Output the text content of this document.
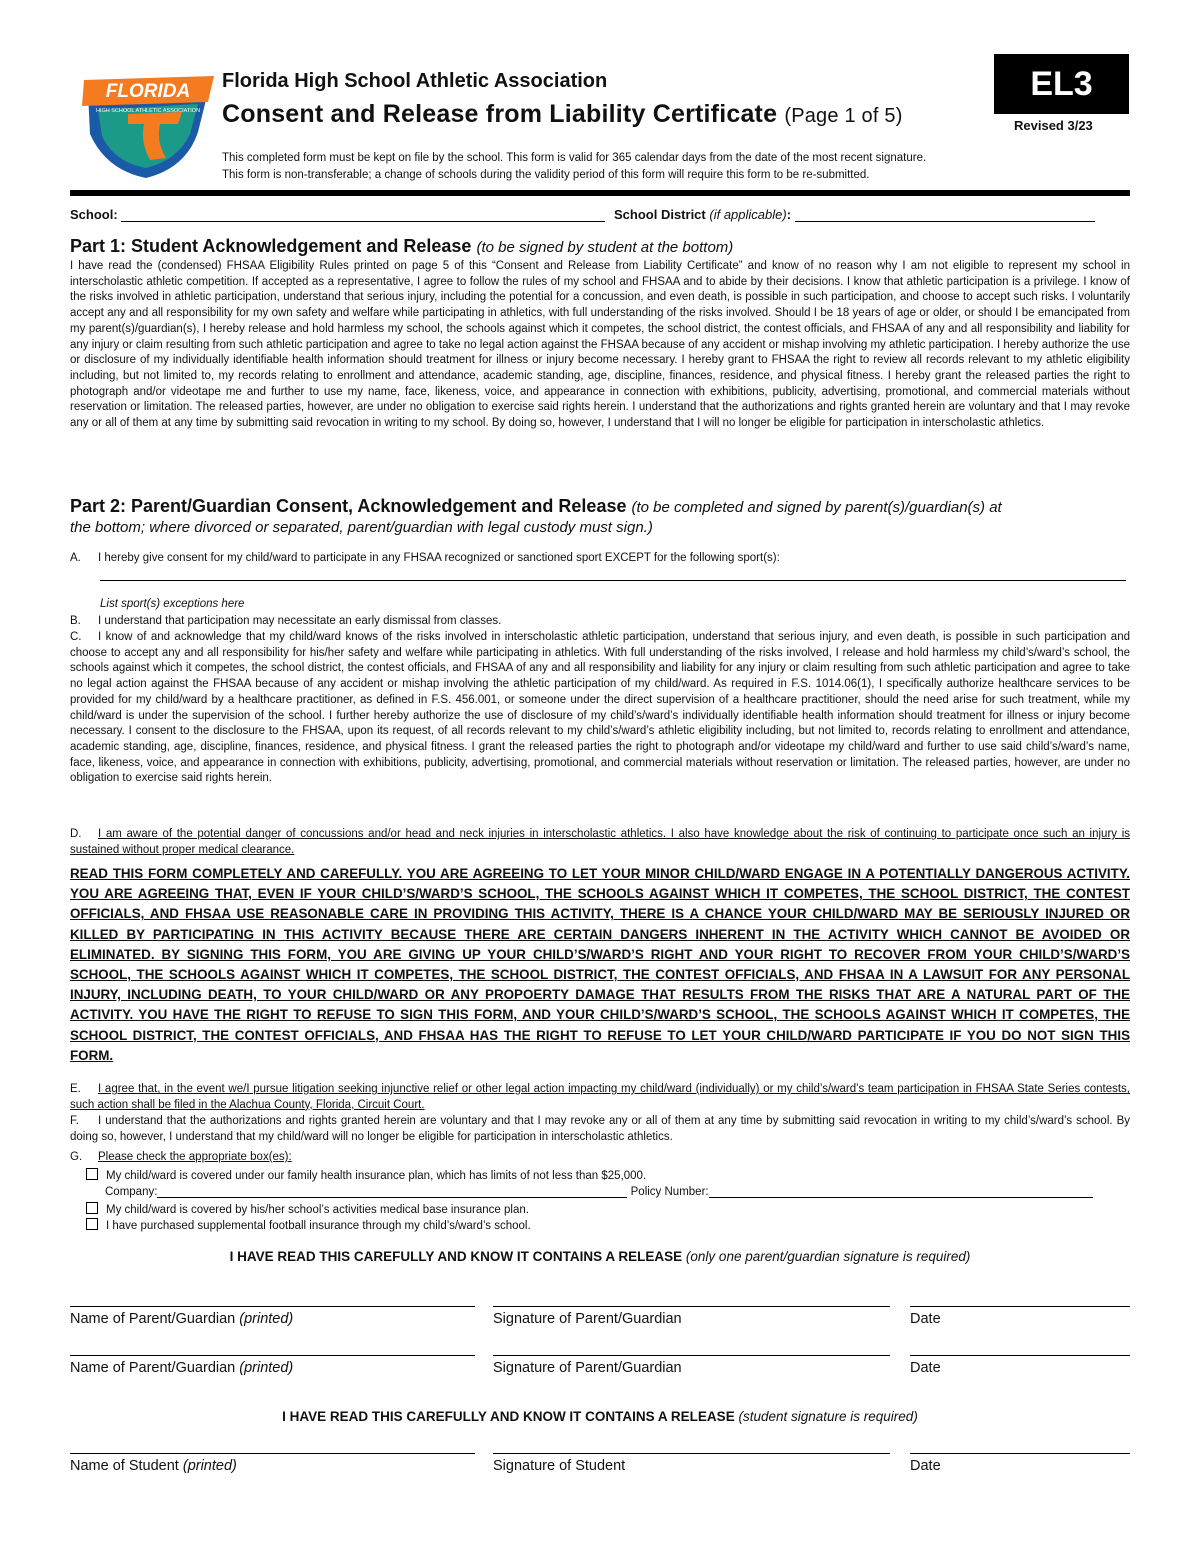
FLORIDA
HIGH SCHOOL ATHLETIC ASSOCIATION
Florida High School Athletic Association
Consent and Release from Liability Certificate (Page 1 of 5)
EL3
Revised 3/23
This completed form must be kept on file by the school. This form is valid for 365 calendar days from the date of the most recent signature.
This form is non-transferable; a change of schools during the validity period of this form will require this form to be re-submitted.
School:	School District (if applicable):
Part 1: Student Acknowledgement and Release (to be signed by student at the bottom)
I have read the (condensed) FHSAA Eligibility Rules printed on page 5 of this “Consent and Release from Liability Certificate” and know of no reason why I am not eligible to represent my school in interscholastic athletic competition. If accepted as a representative, I agree to follow the rules of my school and FHSAA and to abide by their decisions. I know that athletic participation is a privilege. I know of the risks involved in athletic participation, understand that serious injury, including the potential for a concussion, and even death, is possible in such participation, and choose to accept such risks. I voluntarily accept any and all responsibility for my own safety and welfare while participating in athletics, with full understanding of the risks involved. Should I be 18 years of age or older, or should I be emancipated from my parent(s)/guardian(s), I hereby release and hold harmless my school, the schools against which it competes, the school district, the contest officials, and FHSAA of any and all responsibility and liability for any injury or claim resulting from such athletic participation and agree to take no legal action against the FHSAA because of any accident or mishap involving my athletic participation. I hereby authorize the use or disclosure of my individually identifiable health information should treatment for illness or injury become necessary. I hereby grant to FHSAA the right to review all records relevant to my athletic eligibility including, but not limited to, my records relating to enrollment and attendance, academic standing, age, discipline, finances, residence, and physical fitness. I hereby grant the released parties the right to photograph and/or videotape me and further to use my name, face, likeness, voice, and appearance in connection with exhibitions, publicity, advertising, promotional, and commercial materials without reservation or limitation. The released parties, however, are under no obligation to exercise said rights herein. I understand that the authorizations and rights granted herein are voluntary and that I may revoke any or all of them at any time by submitting said revocation in writing to my school. By doing so, however, I understand that I will no longer be eligible for participation in interscholastic athletics.
Part 2: Parent/Guardian Consent, Acknowledgement and Release (to be completed and signed by parent(s)/guardian(s) at
the bottom; where divorced or separated, parent/guardian with legal custody must sign.)
A. I hereby give consent for my child/ward to participate in any FHSAA recognized or sanctioned sport EXCEPT for the following sport(s):
List sport(s) exceptions here
B. I understand that participation may necessitate an early dismissal from classes.
C. I know of and acknowledge that my child/ward knows of the risks involved in interscholastic athletic participation, understand that serious injury, and even death, is possible in such participation and choose to accept any and all responsibility for his/her safety and welfare while participating in athletics. With full understanding of the risks involved, I release and hold harmless my child’s/ward’s school, the schools against which it competes, the school district, the contest officials, and FHSAA of any and all responsibility and liability for any injury or claim resulting from such athletic participation and agree to take no legal action against the FHSAA because of any accident or mishap involving the athletic participation of my child/ward. As required in F.S. 1014.06(1), I specifically authorize healthcare services to be provided for my child/ward by a healthcare practitioner, as defined in F.S. 456.001, or someone under the direct supervision of a healthcare practitioner, should the need arise for such treatment, while my child/ward is under the supervision of the school. I further hereby authorize the use of disclosure of my child’s/ward’s individually identifiable health information should treatment for illness or injury become necessary. I consent to the disclosure to the FHSAA, upon its request, of all records relevant to my child’s/ward’s athletic eligibility including, but not limited to, records relating to enrollment and attendance, academic standing, age, discipline, finances, residence, and physical fitness. I grant the released parties the right to photograph and/or videotape my child/ward and further to use said child’s/ward’s name, face, likeness, voice, and appearance in connection with exhibitions, publicity, advertising, promotional, and commercial materials without reservation or limitation. The released parties, however, are under no obligation to exercise said rights herein.
D. I am aware of the potential danger of concussions and/or head and neck injuries in interscholastic athletics. I also have knowledge about the risk of continuing to participate once such an injury is sustained without proper medical clearance.
READ THIS FORM COMPLETELY AND CAREFULLY. YOU ARE AGREEING TO LET YOUR MINOR CHILD/WARD ENGAGE IN A POTENTIALLY DANGEROUS ACTIVITY. YOU ARE AGREEING THAT, EVEN IF YOUR CHILD’S/WARD’S SCHOOL, THE SCHOOLS AGAINST WHICH IT COMPETES, THE SCHOOL DISTRICT, THE CONTEST OFFICIALS, AND FHSAA USE REASONABLE CARE IN PROVIDING THIS ACTIVITY, THERE IS A CHANCE YOUR CHILD/WARD MAY BE SERIOUSLY INJURED OR KILLED BY PARTICIPATING IN THIS ACTIVITY BECAUSE THERE ARE CERTAIN DANGERS INHERENT IN THE ACTIVITY WHICH CANNOT BE AVOIDED OR ELIMINATED. BY SIGNING THIS FORM, YOU ARE GIVING UP YOUR CHILD’S/WARD’S RIGHT AND YOUR RIGHT TO RECOVER FROM YOUR CHILD’S/WARD’S SCHOOL, THE SCHOOLS AGAINST WHICH IT COMPETES, THE SCHOOL DISTRICT, THE CONTEST OFFICIALS, AND FHSAA IN A LAWSUIT FOR ANY PERSONAL INJURY, INCLUDING DEATH, TO YOUR CHILD/WARD OR ANY PROPOERTY DAMAGE THAT RESULTS FROM THE RISKS THAT ARE A NATURAL PART OF THE ACTIVITY. YOU HAVE THE RIGHT TO REFUSE TO SIGN THIS FORM, AND YOUR CHILD’S/WARD’S SCHOOL, THE SCHOOLS AGAINST WHICH IT COMPETES, THE SCHOOL DISTRICT, THE CONTEST OFFICIALS, AND FHSAA HAS THE RIGHT TO REFUSE TO LET YOUR CHILD/WARD PARTICIPATE IF YOU DO NOT SIGN THIS FORM.
E. I agree that, in the event we/I pursue litigation seeking injunctive relief or other legal action impacting my child/ward (individually) or my child’s/ward’s team participation in FHSAA State Series contests, such action shall be filed in the Alachua County, Florida, Circuit Court.
F. I understand that the authorizations and rights granted herein are voluntary and that I may revoke any or all of them at any time by submitting said revocation in writing to my child’s/ward’s school. By doing so, however, I understand that my child/ward will no longer be eligible for participation in interscholastic athletics.
G. Please check the appropriate box(es):
My child/ward is covered under our family health insurance plan, which has limits of not less than $25,000.
Company:	Policy Number:
My child/ward is covered by his/her school’s activities medical base insurance plan.
I have purchased supplemental football insurance through my child’s/ward’s school.
I HAVE READ THIS CAREFULLY AND KNOW IT CONTAINS A RELEASE (only one parent/guardian signature is required)
Name of Parent/Guardian (printed)	Signature of Parent/Guardian	Date
Name of Parent/Guardian (printed)	Signature of Parent/Guardian	Date
I HAVE READ THIS CAREFULLY AND KNOW IT CONTAINS A RELEASE (student signature is required)
Name of Student (printed)	Signature of Student	Date
